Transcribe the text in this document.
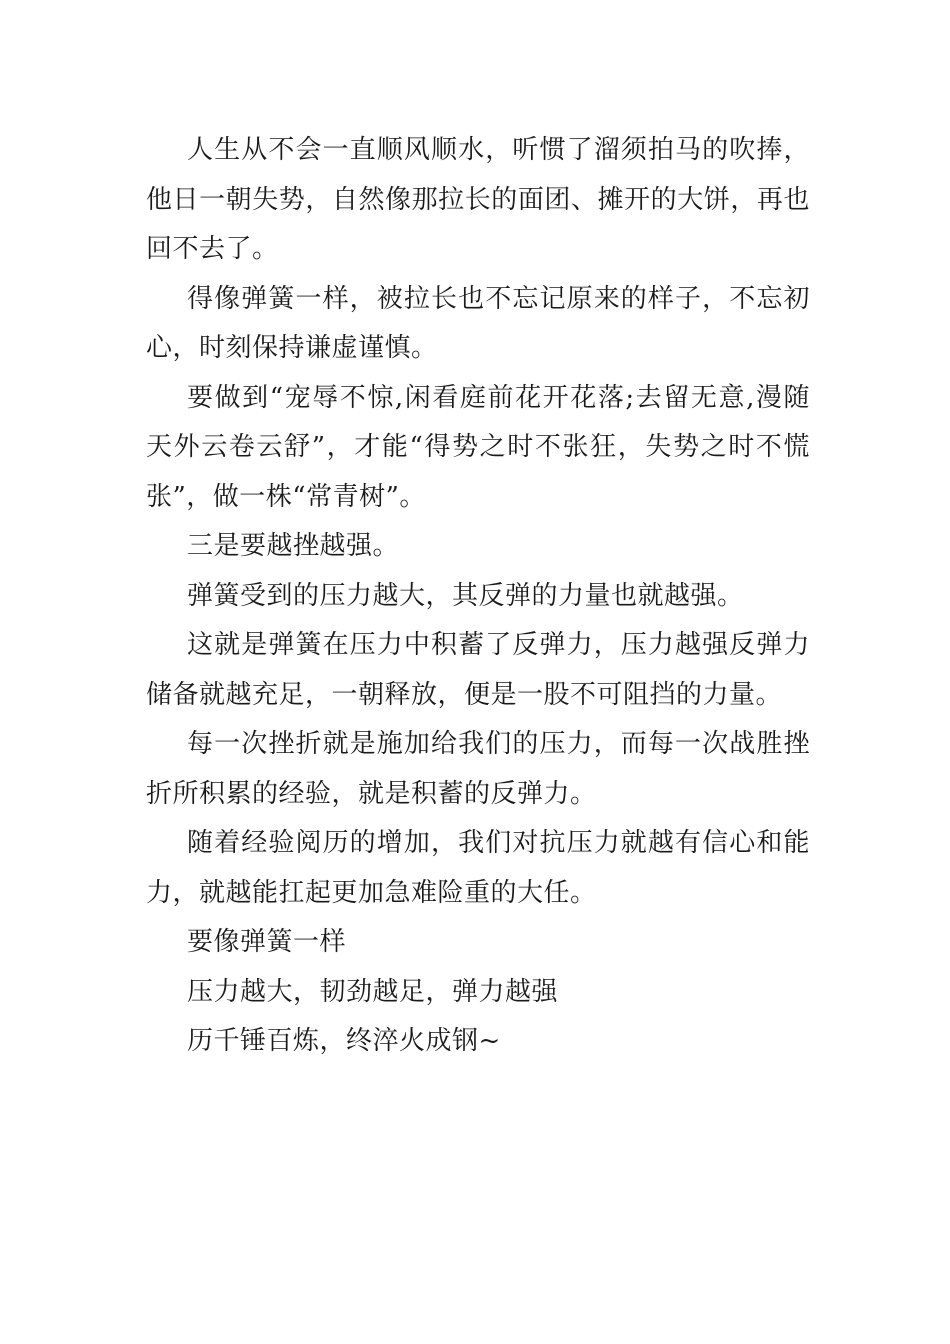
人生从不会一直顺风顺水，听惯了溜须拍马的吹捧，他日一朝失势，自然像那拉长的面团、摊开的大饼，再也回不去了。

得像弹簧一样，被拉长也不忘记原来的样子，不忘初心，时刻保持谦虚谨慎。

要做到“宠辱不惊,闲看庭前花开花落;去留无意,漫随天外云卷云舒”，才能“得势之时不张狂，失势之时不慌张”，做一株“常青树”。

三是要越挫越强。

弹簧受到的压力越大，其反弹的力量也就越强。

这就是弹簧在压力中积蓄了反弹力，压力越强反弹力储备就越充足，一朝释放，便是一股不可阻挡的力量。

每一次挫折就是施加给我们的压力，而每一次战胜挫折所积累的经验，就是积蓄的反弹力。

随着经验阅历的增加，我们对抗压力就越有信心和能力，就越能扛起更加急难险重的大任。

要像弹簧一样

压力越大，韧劲越足，弹力越强

历千锤百炼，终淬火成钢~
